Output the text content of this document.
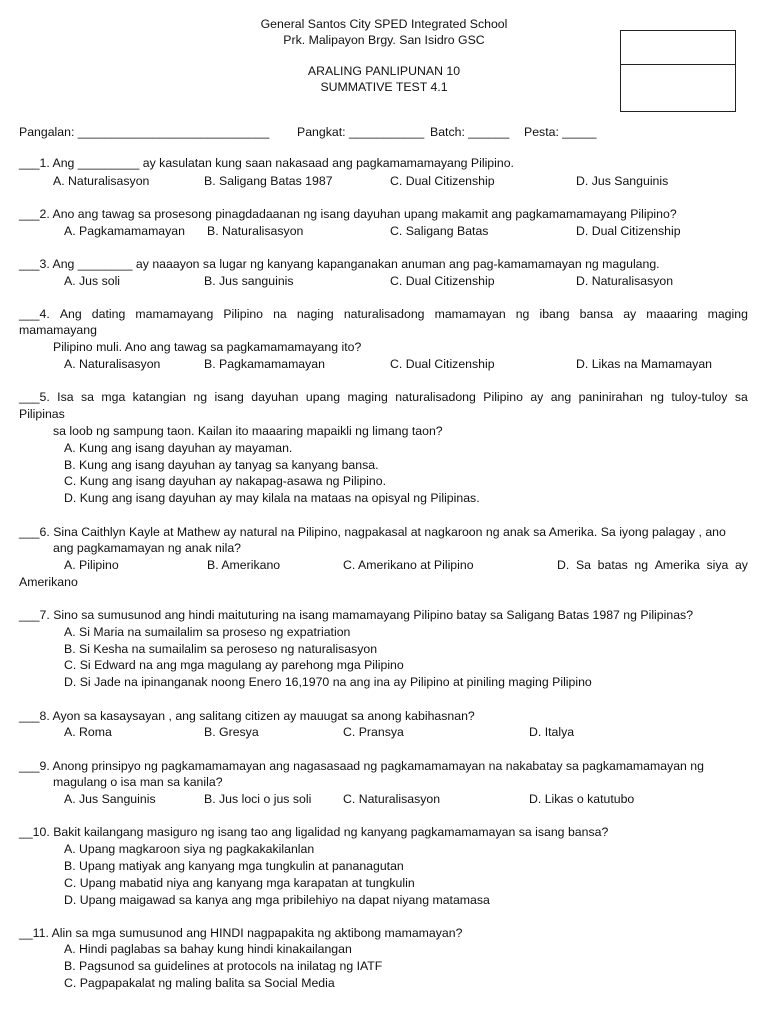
General Santos City SPED Integrated School
Prk. Malipayon Brgy. San Isidro GSC
ARALING PANLIPUNAN 10
SUMMATIVE TEST 4.1
Pangalan: ____________________________ Pangkat: ___________ Batch: ______ Pesta: _____
___1. Ang _________ ay kasulatan kung saan nakasaad ang pagkamamamayang Pilipino.
A. Naturalisasyon	B. Saligang Batas 1987	C. Dual Citizenship	D. Jus Sanguinis
___2. Ano ang tawag sa prosesong pinagdadaanan ng isang dayuhan upang makamit ang pagkamamamayang Pilipino?
A. Pagkamamamayan B. Naturalisasyon	C. Saligang Batas	D. Dual Citizenship
___3. Ang ________ ay naaayon sa lugar ng kanyang kapanganakan anuman ang pag-kamamamayan ng magulang.
A. Jus soli	B. Jus sanguinis	C. Dual Citizenship	D. Naturalisasyon
___4. Ang dating mamamayang Pilipino na naging naturalisadong mamamayan ng ibang bansa ay maaaring maging
mamamayang
Pilipino muli. Ano ang tawag sa pagkamamamayang ito?
A. Naturalisasyon	B. Pagkamamamayan	C. Dual Citizenship	D. Likas na Mamamayan
___5. Isa sa mga katangian ng isang dayuhan upang maging naturalisadong Pilipino ay ang paninirahan ng tuloy-tuloy sa
Pilipinas
sa loob ng sampung taon. Kailan ito maaaring mapaikli ng limang taon?
A. Kung ang isang dayuhan ay mayaman.
B. Kung ang isang dayuhan ay tanyag sa kanyang bansa.
C. Kung ang isang dayuhan ay nakapag-asawa ng Pilipino.
D. Kung ang isang dayuhan ay may kilala na mataas na opisyal ng Pilipinas.
___6. Sina Caithlyn Kayle at Mathew ay natural na Pilipino, nagpakasal at nagkaroon ng anak sa Amerika. Sa iyong palagay , ano
ang pagkamamayan ng anak nila?
A. Pilipino	B. Amerikano	C. Amerikano at Pilipino	D. Sa batas ng Amerika siya ay
Amerikano
___7. Sino sa sumusunod ang hindi maituturing na isang mamamayang Pilipino batay sa Saligang Batas 1987 ng Pilipinas?
A. Si Maria na sumailalim sa proseso ng expatriation
B. Si Kesha na sumailalim sa peroseso ng naturalisasyon
C. Si Edward na ang mga magulang ay parehong mga Pilipino
D. Si Jade na ipinanganak noong Enero 16,1970 na ang ina ay Pilipino at piniling maging Pilipino
___8. Ayon sa kasaysayan , ang salitang citizen ay mauugat sa anong kabihasnan?
A. Roma	B. Gresya	C. Pransya	D. Italya
___9. Anong prinsipyo ng pagkamamamayan ang nagasasaad ng pagkamamamayan na nakabatay sa pagkamamamayan ng
magulang o isa man sa kanila?
A. Jus Sanguinis	B. Jus loci o jus soli	C. Naturalisasyon	D. Likas o katutubo
__10. Bakit kailangang masiguro ng isang tao ang ligalidad ng kanyang pagkamamamayan sa isang bansa?
A. Upang magkaroon siya ng pagkakakilanlan
B. Upang matiyak ang kanyang mga tungkulin at pananagutan
C. Upang mabatid niya ang kanyang mga karapatan at tungkulin
D. Upang maigawad sa kanya ang mga pribilehiyo na dapat niyang matamasa
__11. Alin sa mga sumusunod ang HINDI nagpapakita ng aktibong mamamayan?
A. Hindi paglabas sa bahay kung hindi kinakailangan
B. Pagsunod sa guidelines at protocols na inilatag ng IATF
C. Pagpapakalat ng maling balita sa Social Media
